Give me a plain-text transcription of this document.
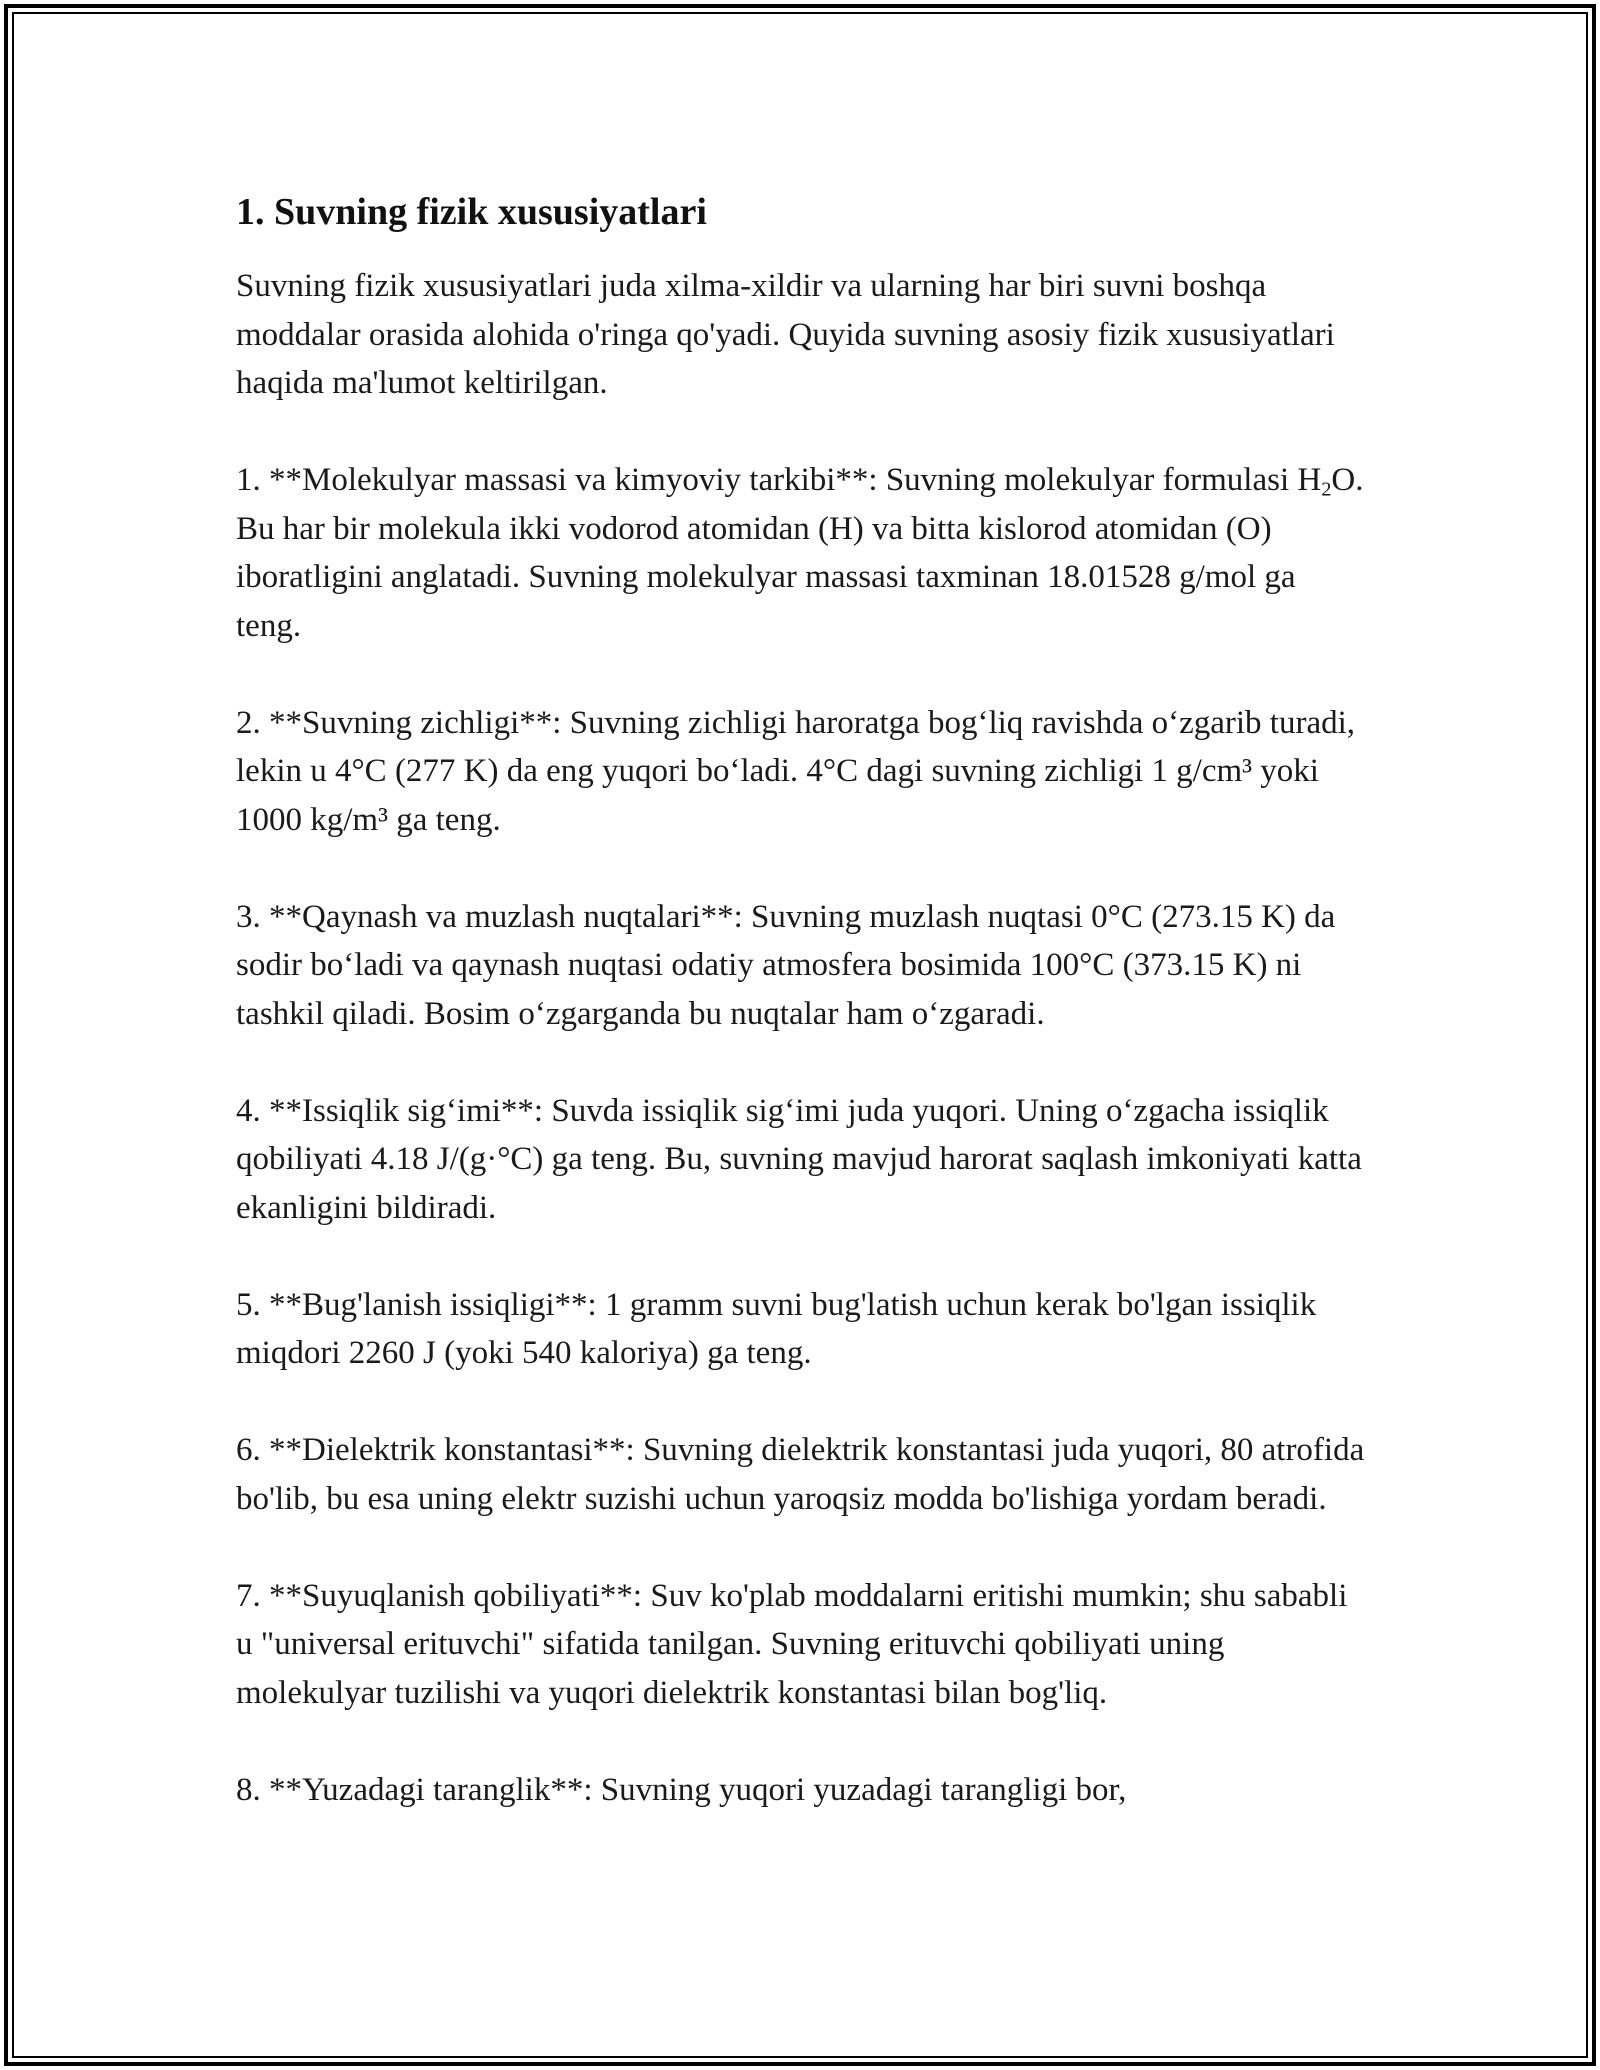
1. Suvning fizik xususiyatlari

Suvning fizik xususiyatlari juda xilma-xildir va ularning har biri suvni boshqa moddalar orasida alohida o'ringa qo'yadi. Quyida suvning asosiy fizik xususiyatlari haqida ma'lumot keltirilgan.

1. **Molekulyar massasi va kimyoviy tarkibi**: Suvning molekulyar formulasi $H_2O$. Bu har bir molekula ikki vodorod atomidan (H) va bitta kislorod atomidan (O) iboratligini anglatadi. Suvning molekulyar massasi taxminan 18.01528 g/mol ga teng.

2. **Suvning zichligi**: Suvning zichligi haroratga bog‘liq ravishda o‘zgarib turadi, lekin u 4°C (277 K) da eng yuqori bo‘ladi. 4°C dagi suvning zichligi 1 g/cm³ yoki 1000 kg/m³ ga teng.

3. **Qaynash va muzlash nuqtalari**: Suvning muzlash nuqtasi 0°C (273.15 K) da sodir bo‘ladi va qaynash nuqtasi odatiy atmosfera bosimida 100°C (373.15 K) ni tashkil qiladi. Bosim o‘zgarganda bu nuqtalar ham o‘zgaradi.

4. **Issiqlik sig‘imi**: Suvda issiqlik sig‘imi juda yuqori. Uning o‘zgacha issiqlik qobiliyati 4.18 J/(g·°C) ga teng. Bu, suvning mavjud harorat saqlash imkoniyati katta ekanligini bildiradi.

5. **Bug'lanish issiqligi**: 1 gramm suvni bug'latish uchun kerak bo'lgan issiqlik miqdori 2260 J (yoki 540 kaloriya) ga teng.

6. **Dielektrik konstantasi**: Suvning dielektrik konstantasi juda yuqori, 80 atrofida bo'lib, bu esa uning elektr suzishi uchun yaroqsiz modda bo'lishiga yordam beradi.

7. **Suyuqlanish qobiliyati**: Suv ko'plab moddalarni eritishi mumkin; shu sababli u "universal erituvchi" sifatida tanilgan. Suvning erituvchi qobiliyati uning molekulyar tuzilishi va yuqori dielektrik konstantasi bilan bog'liq.

8. **Yuzadagi taranglik**: Suvning yuqori yuzadagi tarangligi bor,
